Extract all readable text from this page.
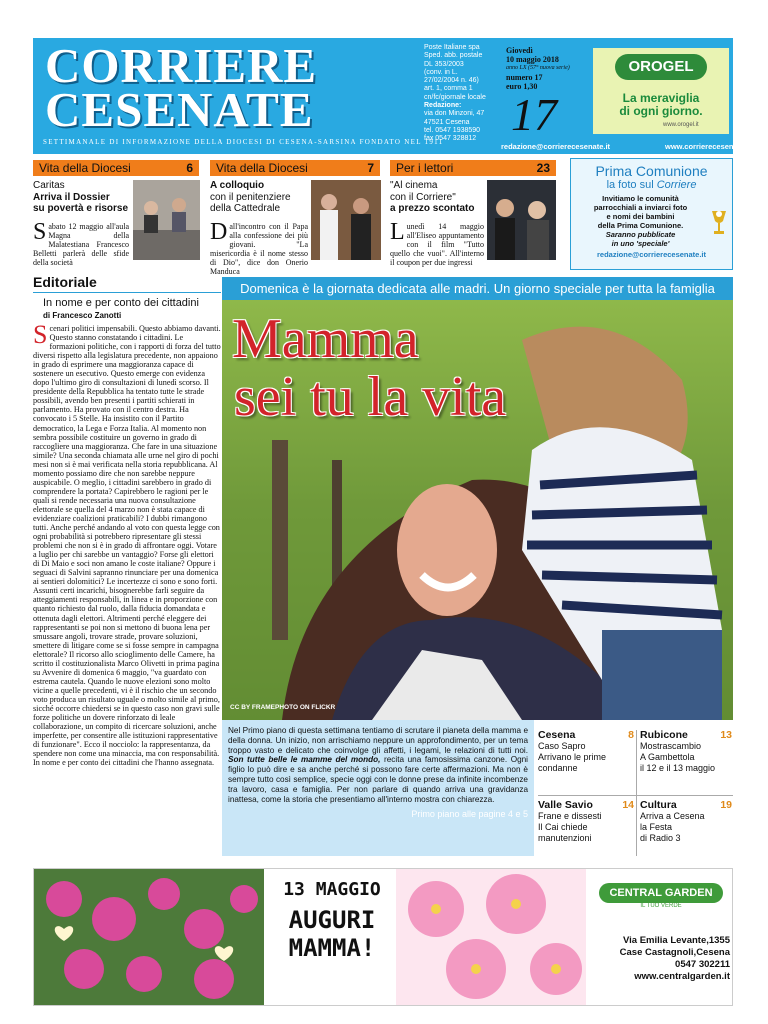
CORRIERE
CESENATE
SETTIMANALE DI INFORMAZIONE DELLA DIOCESI DI CESENA-SARSINA FONDATO NEL 1911
Poste Italiane spa
Sped. abb. postale
DL 353/2003
(conv. in L.
27/02/2004 n. 46)
art. 1, comma 1
cn/fc/giornale locale
Redazione:
via don Minzoni, 47
47521 Cesena
tel. 0547 1938590
fax 0547 328812
Giovedì
10 maggio 2018
anno LX (57° nuova serie)
numero 17
euro 1,30
17
redazione@corrierecesenate.it	www.corrierecesenate.it
OROGEL
La meraviglia
di ogni giorno.
www.orogel.it
Vita della Diocesi	6
Caritas
Arriva il Dossier
su povertà e risorse
Sabato 12 maggio all'aula Magna della Malatestiana Francesco Belletti parlerà delle sfide della società
Vita della Diocesi	7
A colloquio
con il penitenziere
della Cattedrale
Dall'incontro con il Papa alla confessione dei più giovani. "La misericordia è il nome stesso di Dio", dice don Onerio Manduca
Per i lettori	23
"Al cinema
con il Corriere"
a prezzo scontato
Lunedì 14 maggio all'Eliseo appuntamento con il film "Tutto quello che vuoi". All'interno il coupon per due ingressi
Prima Comunione
la foto sul Corriere
Invitiamo le comunità
parrocchiali a inviarci foto
e nomi dei bambini
della Prima Comunione.
Saranno pubblicate
in uno 'speciale'
redazione@corrierecesenate.it
Editoriale
In nome e per conto dei cittadini
di Francesco Zanotti
Scenari politici impensabili. Questo abbiamo davanti. Questo stanno constatando i cittadini. Le formazioni politiche, con i rapporti di forza del tutto diversi rispetto alla legislatura precedente, non appaiono in grado di esprimere una maggioranza capace di sostenere un esecutivo. Questo emerge con evidenza dopo l'ultimo giro di consultazioni di lunedì scorso. Il presidente della Repubblica ha tentato tutte le strade possibili, avendo ben presenti i partiti schierati in parlamento. Ha provato con il centro destra. Ha convocato i 5 Stelle. Ha insistito con il Partito democratico, la Lega e Forza Italia. Al momento non sembra possibile costituire un governo in grado di raccogliere una maggioranza. Che fare in una situazione simile? Una seconda chiamata alle urne nel giro di pochi mesi non si è mai verificata nella storia repubblicana. Al momento possiamo dire che non sarebbe neppure auspicabile. O meglio, i cittadini sarebbero in grado di comprendere la portata? Capirebbero le ragioni per le quali si rende necessaria una nuova consultazione elettorale se quella del 4 marzo non è stata capace di evidenziare coalizioni praticabili? I dubbi rimangono tutti. Anche perché andando al voto con questa legge con ogni probabilità si potrebbero ripresentare gli stessi problemi che non si è in grado di affrontare oggi. Votare a luglio per chi sarebbe un vantaggio? Forse gli elettori di Di Maio e soci non amano le coste italiane? Oppure i seguaci di Salvini sapranno rinunciare per una domenica ai sentieri dolomitici? Le incertezze ci sono e sono forti. Assunti certi incarichi, bisognerebbe farli seguire da atteggiamenti responsabili, in linea e in proporzione con quanto richiesto dal ruolo, dalla fiducia domandata e ottenuta dagli elettori. Altrimenti perché eleggere dei rappresentanti se poi non si mettono di buona lena per smussare angoli, trovare strade, provare soluzioni, smettere di litigare come se si fosse sempre in campagna elettorale? Il ricorso allo scioglimento delle Camere, ha scritto il costituzionalista Marco Olivetti in prima pagina su Avvenire di domenica 6 maggio, "va guardato con estrema cautela. Quando le nuove elezioni sono molto vicine a quelle precedenti, vi è il rischio che un secondo voto produca un risultato uguale o molto simile al primo, sicché occorre chiedersi se in questo caso non gravi sulle forze politiche un dovere rinforzato di leale collaborazione, un compito di ricercare soluzioni, anche imperfette, per consentire alle istituzioni rappresentative di funzionare". Ecco il nocciolo: la rappresentanza, da spendere non come una minaccia, ma con responsabilità. In nome e per conto dei cittadini che l'hanno assegnata.
Domenica è la giornata dedicata alle madri. Un giorno speciale per tutta la famiglia
Mamma
sei tu la vita
CC BY FRAMEPHOTO ON FLICKR
Nel Primo piano di questa settimana tentiamo di scrutare il pianeta della mamma e della donna. Un inizio, non arrischiamo neppure un approfondimento, per un tema troppo vasto e delicato che coinvolge gli affetti, i legami, le relazioni di tutti noi. Son tutte belle le mamme del mondo, recita una famosissima canzone. Ogni figlio lo può dire e sa anche perché si possono fare certe affermazioni. Ma non è sempre tutto così semplice, specie oggi con le donne prese da infinite incombenze tra lavoro, casa e famiglia. Per non parlare di quando arriva una gravidanza inattesa, come la storia che presentiamo all'interno mostra con chiarezza.
Primo piano alle pagine 4 e 5
Cesena	8
Caso Sapro
Arrivano le prime
condanne
Rubicone	13
Mostrascambio
A Gambettola
il 12 e il 13 maggio
Valle Savio	14
Frane e dissesti
Il Cai chiede
manutenzioni
Cultura	19
Arriva a Cesena
la Festa
di Radio 3
13 MAGGIO
AUGURI
MAMMA!
CENTRAL GARDEN
IL TUO VERDE
Via Emilia Levante,1355
Case Castagnoli,Cesena
0547 302211
www.centralgarden.it
